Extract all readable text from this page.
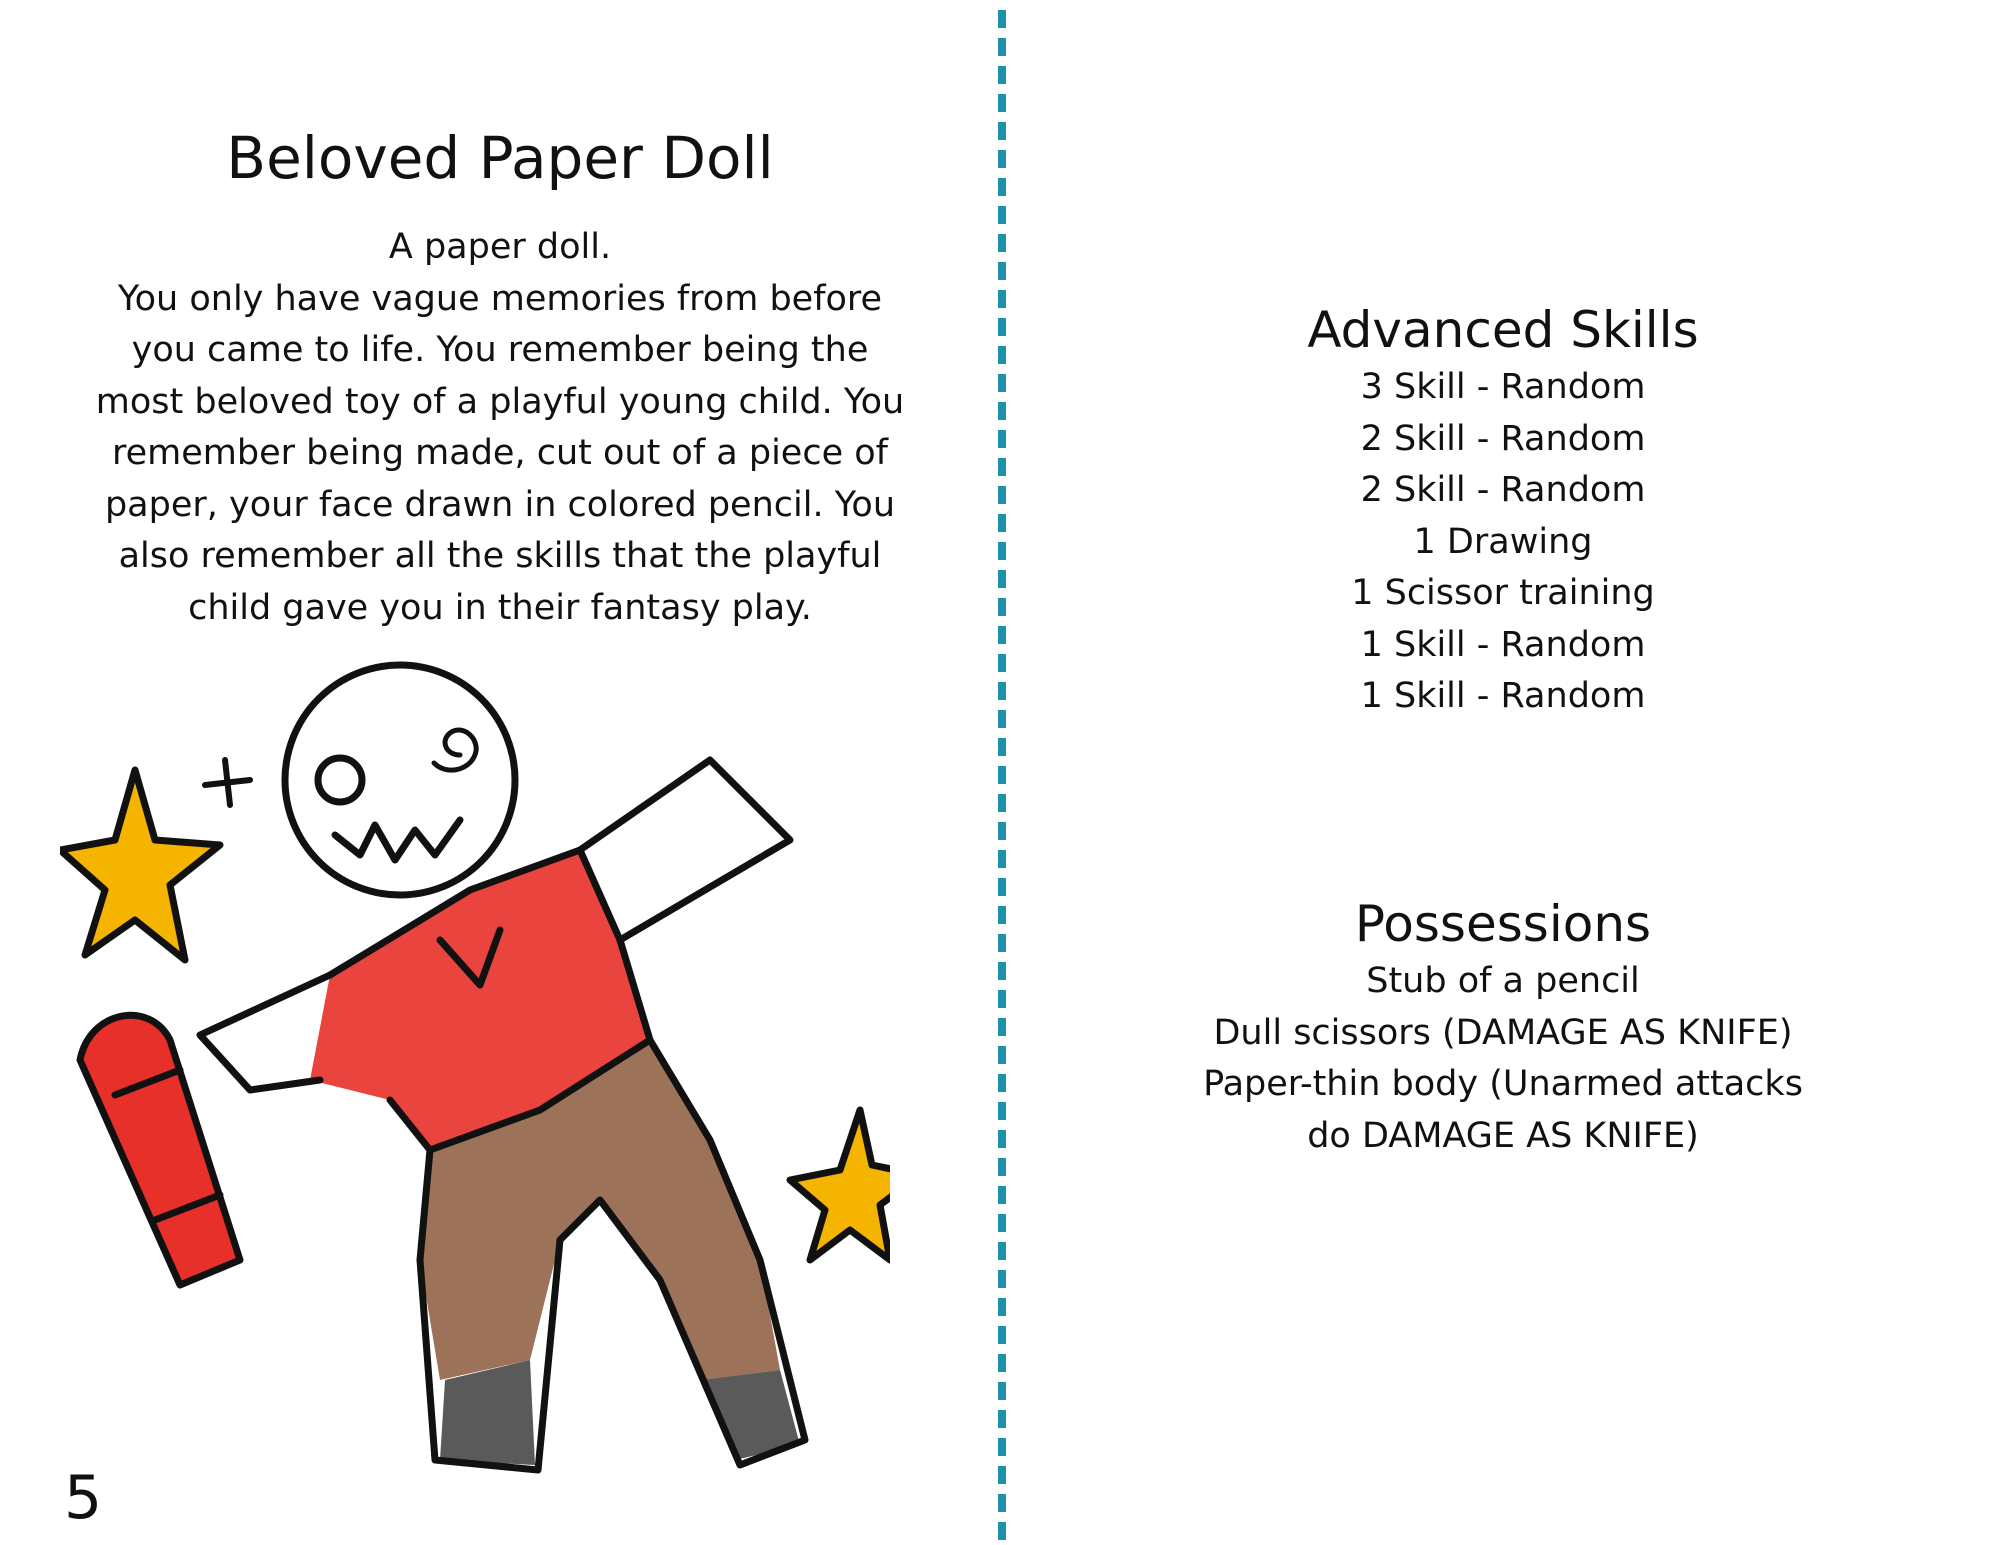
Beloved Paper Doll
A paper doll.
You only have vague memories from before
you came to life. You remember being the
most beloved toy of a playful young child. You
remember being made, cut out of a piece of
paper, your face drawn in colored pencil. You
also remember all the skills that the playful
child gave you in their fantasy play.
5
Advanced Skills
3 Skill - Random
2 Skill - Random
2 Skill - Random
1 Drawing
1 Scissor training
1 Skill - Random
1 Skill - Random
Possessions
Stub of a pencil
Dull scissors (DAMAGE AS KNIFE)
Paper-thin body (Unarmed attacks do DAMAGE AS KNIFE)
